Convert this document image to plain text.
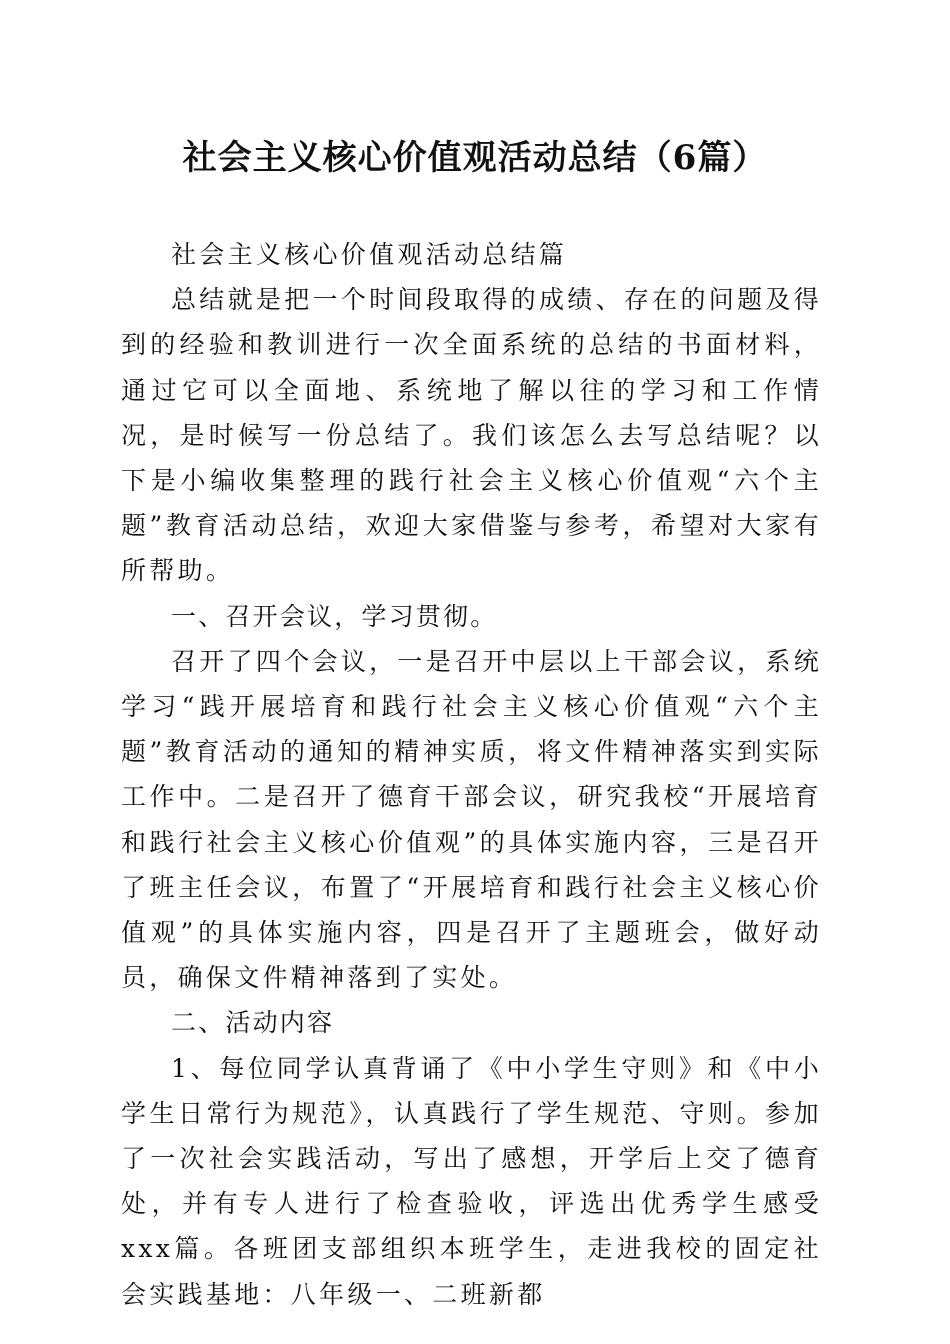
社会主义核心价值观活动总结（6篇）

社会主义核心价值观活动总结篇

总结就是把一个时间段取得的成绩、存在的问题及得到的经验和教训进行一次全面系统的总结的书面材料，通过它可以全面地、系统地了解以往的学习和工作情况，是时候写一份总结了。我们该怎么去写总结呢？以下是小编收集整理的践行社会主义核心价值观“六个主题”教育活动总结，欢迎大家借鉴与参考，希望对大家有所帮助。

一、召开会议，学习贯彻。

召开了四个会议，一是召开中层以上干部会议，系统学习“践开展培育和践行社会主义核心价值观“六个主题”教育活动的通知的精神实质，将文件精神落实到实际工作中。二是召开了德育干部会议，研究我校“开展培育和践行社会主义核心价值观”的具体实施内容，三是召开了班主任会议，布置了“开展培育和践行社会主义核心价值观”的具体实施内容，四是召开了主题班会，做好动员，确保文件精神落到了实处。

二、活动内容

1、每位同学认真背诵了《中小学生守则》和《中小学生日常行为规范》，认真践行了学生规范、守则。参加了一次社会实践活动，写出了感想，开学后上交了德育处，并有专人进行了检查验收，评选出优秀学生感受xxx篇。各班团支部组织本班学生，走进我校的固定社会实践基地：八年级一、二班新都
